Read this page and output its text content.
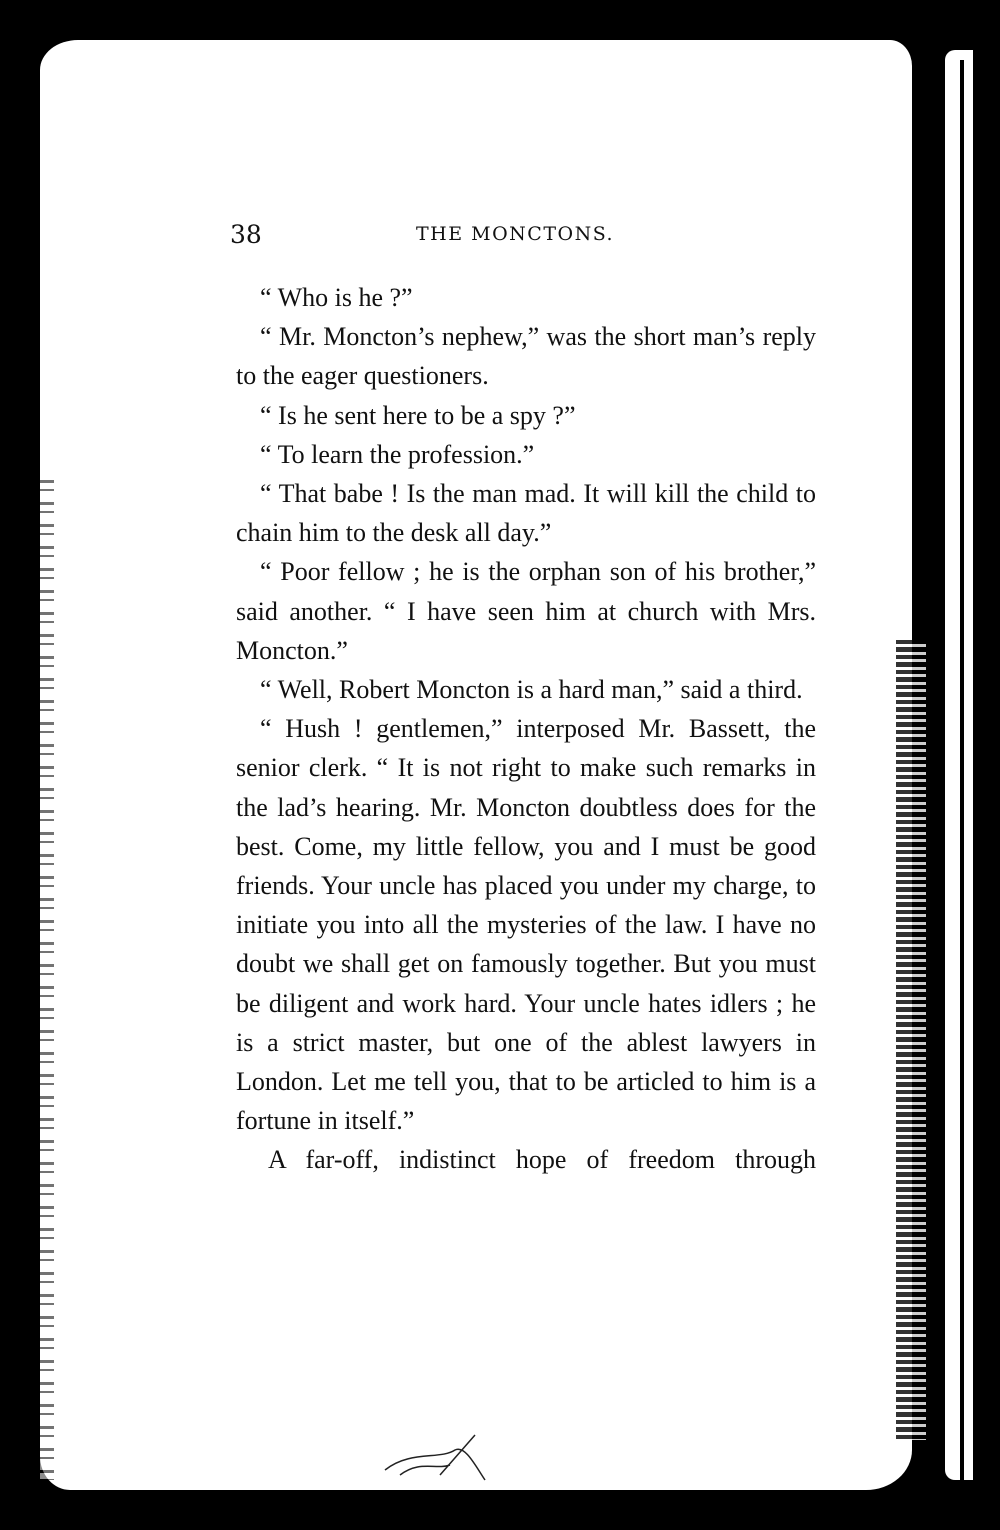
38	THE MONCTONS.

“ Who is he ?”

“ Mr. Moncton’s nephew,” was the short man’s reply to the eager questioners.

“ Is he sent here to be a spy ?”

“ To learn the profession.”

“ That babe ! Is the man mad. It will kill the child to chain him to the desk all day.”

“ Poor fellow ; he is the orphan son of his brother,” said another. “ I have seen him at church with Mrs. Moncton.”

“ Well, Robert Moncton is a hard man,” said a third.

“ Hush ! gentlemen,” interposed Mr. Bassett, the senior clerk. “ It is not right to make such remarks in the lad’s hearing. Mr. Moncton doubtless does for the best. Come, my little fellow, you and I must be good friends. Your uncle has placed you under my charge, to initiate you into all the mysteries of the law. I have no doubt we shall get on famously together. But you must be diligent and work hard. Your uncle hates idlers ; he is a strict master, but one of the ablest lawyers in London. Let me tell you, that to be articled to him is a fortune in itself.”

A far-off, indistinct hope of freedom through
